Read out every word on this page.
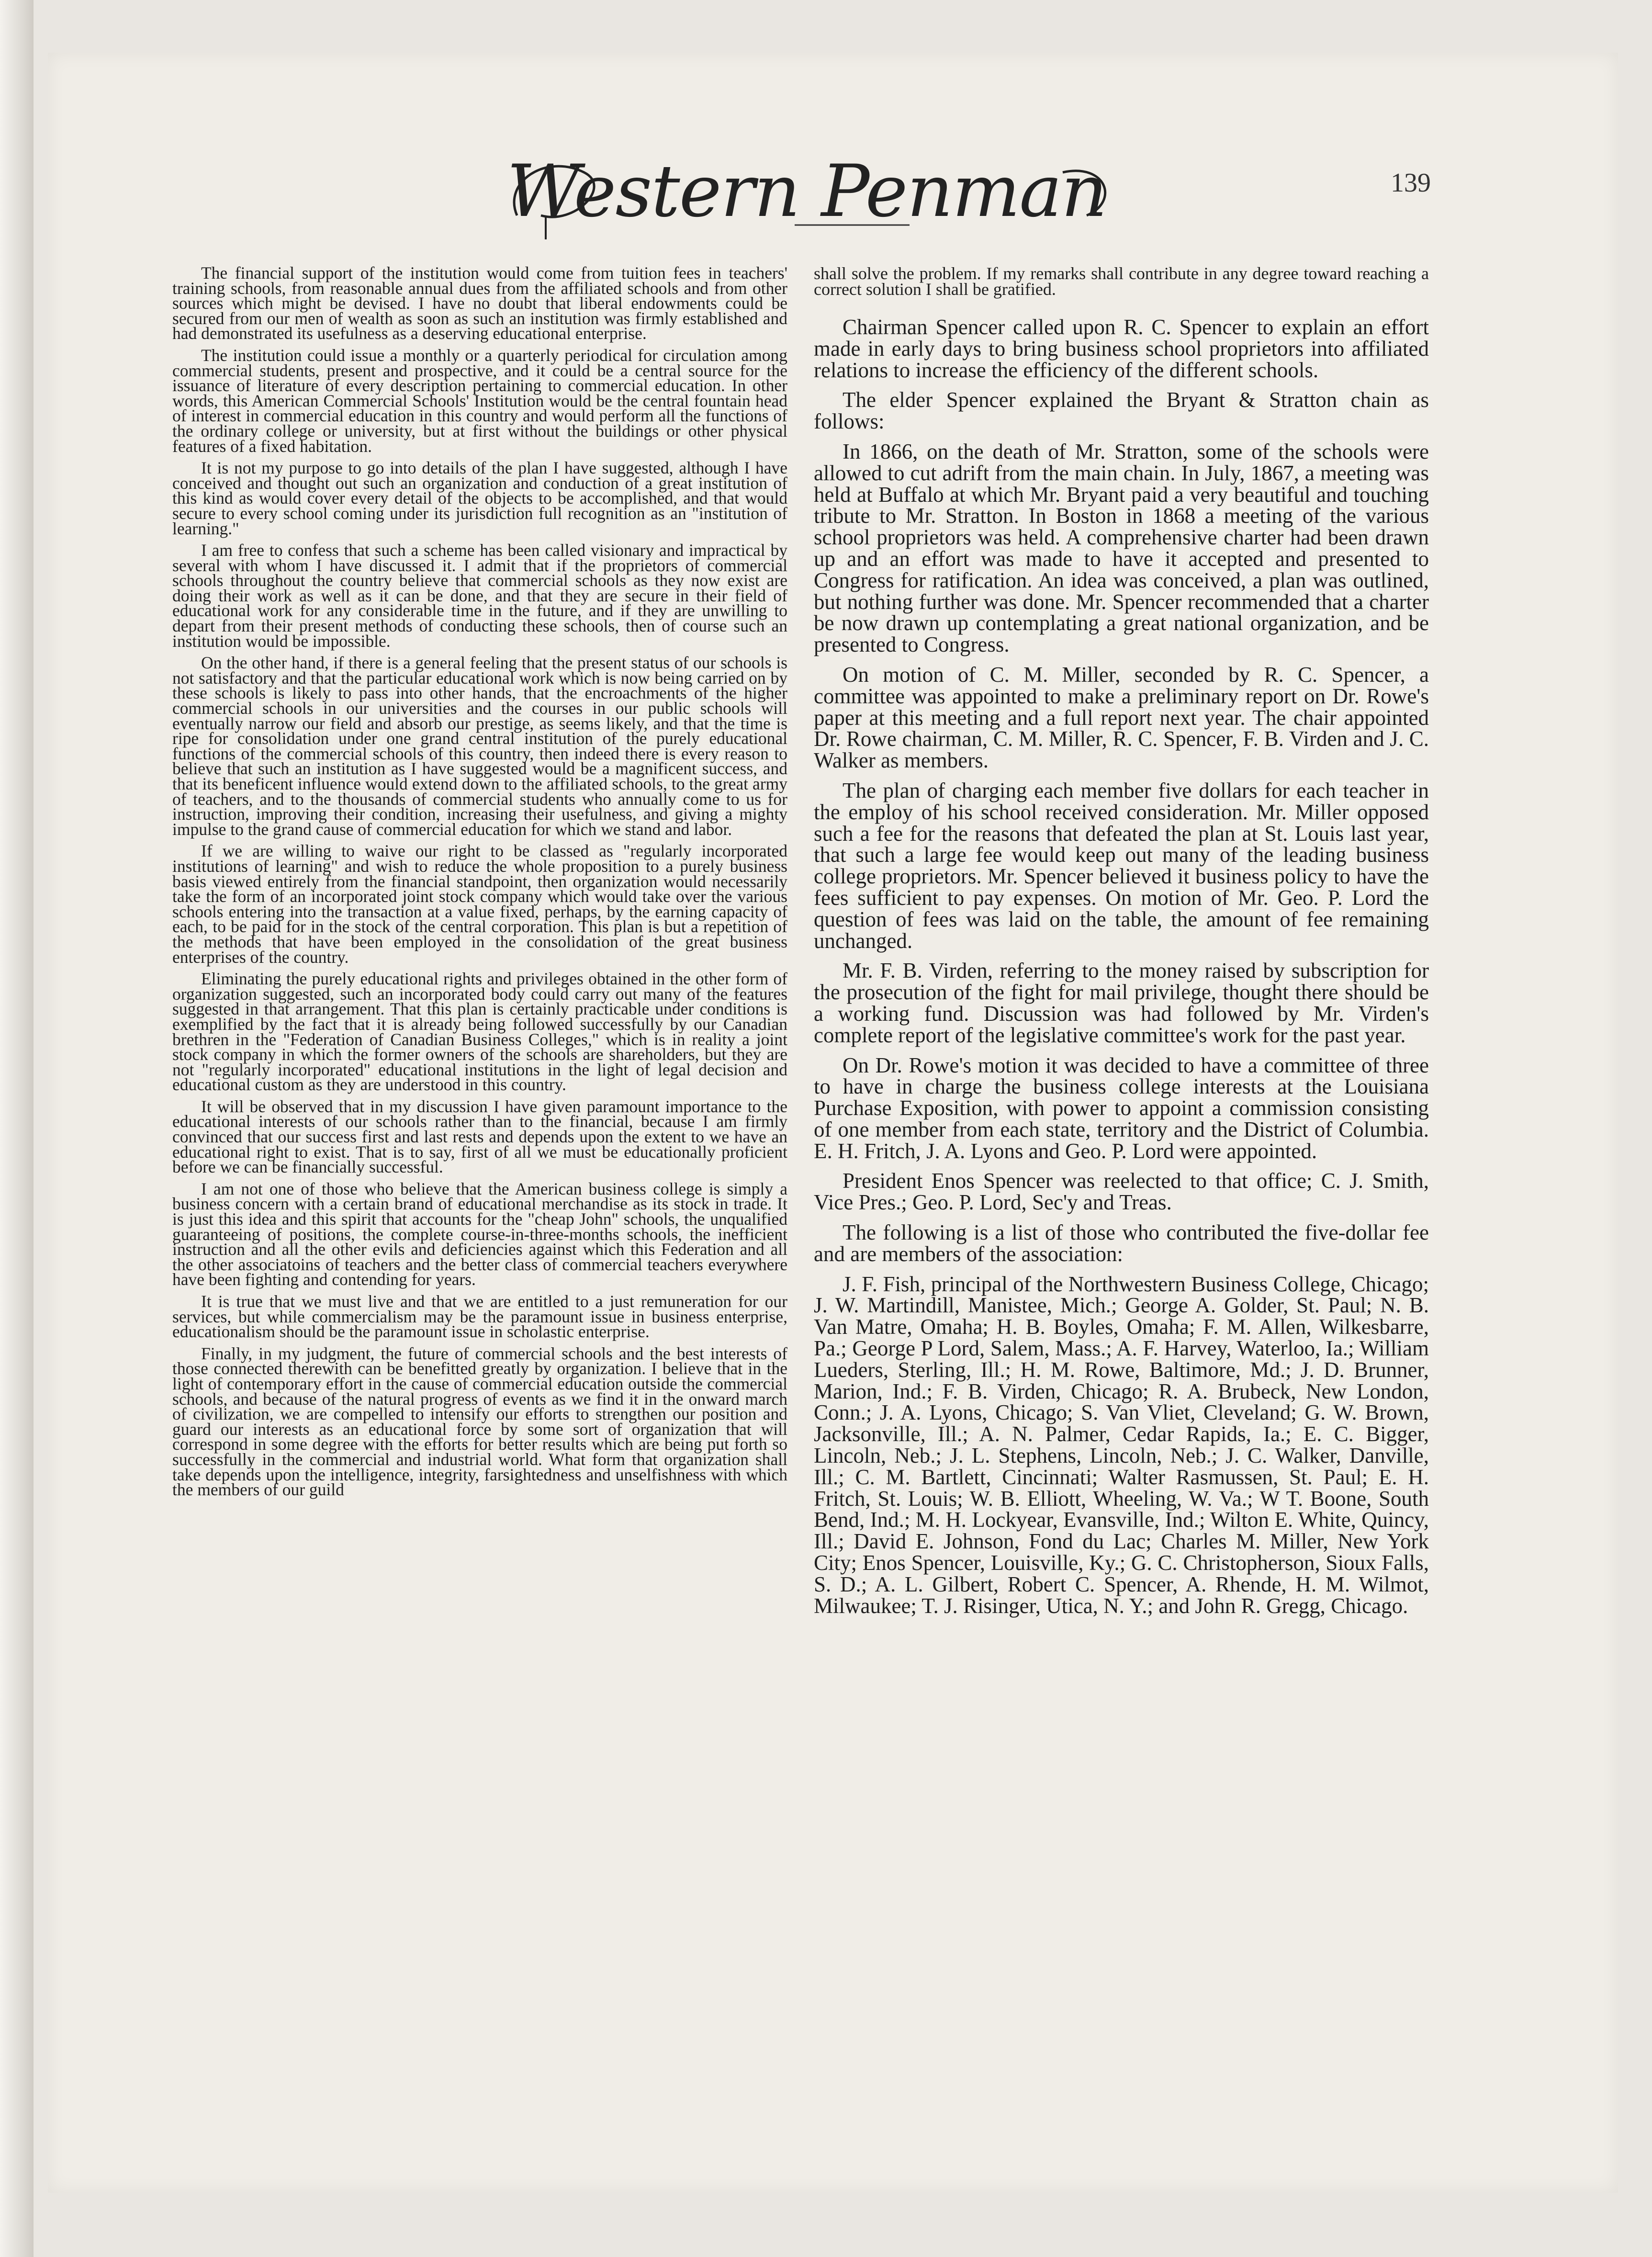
Western Penman	139

The financial support of the institution would come from tuition fees in teachers' training schools, from reasonable annual dues from the affiliated schools and from other sources which might be devised. I have no doubt that liberal endowments could be secured from our men of wealth as soon as such an institution was firmly established and had demonstrated its usefulness as a deserving educational enterprise.

The institution could issue a monthly or a quarterly periodical for circulation among commercial students, present and prospective, and it could be a central source for the issuance of literature of every description pertaining to commercial education. In other words, this American Commercial Schools' Institution would be the central fountain head of interest in commercial education in this country and would perform all the functions of the ordinary college or university, but at first without the buildings or other physical features of a fixed habitation.

It is not my purpose to go into details of the plan I have suggested, although I have conceived and thought out such an organization and conduction of a great institution of this kind as would cover every detail of the objects to be accomplished, and that would secure to every school coming under its jurisdiction full recognition as an "institution of learning."

I am free to confess that such a scheme has been called visionary and impractical by several with whom I have discussed it. I admit that if the proprietors of commercial schools throughout the country believe that commercial schools as they now exist are doing their work as well as it can be done, and that they are secure in their field of educational work for any considerable time in the future, and if they are unwilling to depart from their present methods of conducting these schools, then of course such an institution would be impossible.

On the other hand, if there is a general feeling that the present status of our schools is not satisfactory and that the particular educational work which is now being carried on by these schools is likely to pass into other hands, that the encroachments of the higher commercial schools in our universities and the courses in our public schools will eventually narrow our field and absorb our prestige, as seems likely, and that the time is ripe for consolidation under one grand central institution of the purely educational functions of the commercial schools of this country, then indeed there is every reason to believe that such an institution as I have suggested would be a magnificent success, and that its beneficent influence would extend down to the affiliated schools, to the great army of teachers, and to the thousands of commercial students who annually come to us for instruction, improving their condition, increasing their usefulness, and giving a mighty impulse to the grand cause of commercial education for which we stand and labor.

If we are willing to waive our right to be classed as "regularly incorporated institutions of learning" and wish to reduce the whole proposition to a purely business basis viewed entirely from the financial standpoint, then organization would necessarily take the form of an incorporated joint stock company which would take over the various schools entering into the transaction at a value fixed, perhaps, by the earning capacity of each, to be paid for in the stock of the central corporation. This plan is but a repetition of the methods that have been employed in the consolidation of the great business enterprises of the country.

Eliminating the purely educational rights and privileges obtained in the other form of organization suggested, such an incorporated body could carry out many of the features suggested in that arrangement. That this plan is certainly practicable under conditions is exemplified by the fact that it is already being followed successfully by our Canadian brethren in the "Federation of Canadian Business Colleges," which is in reality a joint stock company in which the former owners of the schools are shareholders, but they are not "regularly incorporated" educational institutions in the light of legal decision and educational custom as they are understood in this country.

It will be observed that in my discussion I have given paramount importance to the educational interests of our schools rather than to the financial, because I am firmly convinced that our success first and last rests and depends upon the extent to we have an educational right to exist. That is to say, first of all we must be educationally proficient before we can be financially successful.

I am not one of those who believe that the American business college is simply a business concern with a certain brand of educational merchandise as its stock in trade. It is just this idea and this spirit that accounts for the "cheap John" schools, the unqualified guaranteeing of positions, the complete course-in-three-months schools, the inefficient instruction and all the other evils and deficiencies against which this Federation and all the other associatoins of teachers and the better class of commercial teachers everywhere have been fighting and contending for years.

It is true that we must live and that we are entitled to a just remuneration for our services, but while commercialism may be the paramount issue in business enterprise, educationalism should be the paramount issue in scholastic enterprise.

Finally, in my judgment, the future of commercial schools and the best interests of those connected therewith can be benefitted greatly by organization. I believe that in the light of contemporary effort in the cause of commercial education outside the commercial schools, and because of the natural progress of events as we find it in the onward march of civilization, we are compelled to intensify our efforts to strengthen our position and guard our interests as an educational force by some sort of organization that will correspond in some degree with the efforts for better results which are being put forth so successfully in the commercial and industrial world. What form that organization shall take depends upon the intelligence, integrity, farsightedness and unselfishness with which the members of our guild

shall solve the problem. If my remarks shall contribute in any degree toward reaching a correct solution I shall be gratified.

Chairman Spencer called upon R. C. Spencer to explain an effort made in early days to bring business school proprietors into affiliated relations to increase the efficiency of the different schools.

The elder Spencer explained the Bryant & Stratton chain as follows:

In 1866, on the death of Mr. Stratton, some of the schools were allowed to cut adrift from the main chain. In July, 1867, a meeting was held at Buffalo at which Mr. Bryant paid a very beautiful and touching tribute to Mr. Stratton. In Boston in 1868 a meeting of the various school proprietors was held. A comprehensive charter had been drawn up and an effort was made to have it accepted and presented to Congress for ratification. An idea was conceived, a plan was outlined, but nothing further was done. Mr. Spencer recommended that a charter be now drawn up contemplating a great national organization, and be presented to Congress.

On motion of C. M. Miller, seconded by R. C. Spencer, a committee was appointed to make a preliminary report on Dr. Rowe's paper at this meeting and a full report next year. The chair appointed Dr. Rowe chairman, C. M. Miller, R. C. Spencer, F. B. Virden and J. C. Walker as members.

The plan of charging each member five dollars for each teacher in the employ of his school received consideration. Mr. Miller opposed such a fee for the reasons that defeated the plan at St. Louis last year, that such a large fee would keep out many of the leading business college proprietors. Mr. Spencer believed it business policy to have the fees sufficient to pay expenses. On motion of Mr. Geo. P. Lord the question of fees was laid on the table, the amount of fee remaining unchanged.

Mr. F. B. Virden, referring to the money raised by subscription for the prosecution of the fight for mail privilege, thought there should be a working fund. Discussion was had followed by Mr. Virden's complete report of the legislative committee's work for the past year.

On Dr. Rowe's motion it was decided to have a committee of three to have in charge the business college interests at the Louisiana Purchase Exposition, with power to appoint a commission consisting of one member from each state, territory and the District of Columbia. E. H. Fritch, J. A. Lyons and Geo. P. Lord were appointed.

President Enos Spencer was reelected to that office; C. J. Smith, Vice Pres.; Geo. P. Lord, Sec'y and Treas.

The following is a list of those who contributed the five-dollar fee and are members of the association:

J. F. Fish, principal of the Northwestern Business College, Chicago; J. W. Martindill, Manistee, Mich.; George A. Golder, St. Paul; N. B. Van Matre, Omaha; H. B. Boyles, Omaha; F. M. Allen, Wilkesbarre, Pa.; George P Lord, Salem, Mass.; A. F. Harvey, Waterloo, Ia.; William Lueders, Sterling, Ill.; H. M. Rowe, Baltimore, Md.; J. D. Brunner, Marion, Ind.; F. B. Virden, Chicago; R. A. Brubeck, New London, Conn.; J. A. Lyons, Chicago; S. Van Vliet, Cleveland; G. W. Brown, Jacksonville, Ill.; A. N. Palmer, Cedar Rapids, Ia.; E. C. Bigger, Lincoln, Neb.; J. L. Stephens, Lincoln, Neb.; J. C. Walker, Danville, Ill.; C. M. Bartlett, Cincinnati; Walter Rasmussen, St. Paul; E. H. Fritch, St. Louis; W. B. Elliott, Wheeling, W. Va.; W T. Boone, South Bend, Ind.; M. H. Lockyear, Evansville, Ind.; Wilton E. White, Quincy, Ill.; David E. Johnson, Fond du Lac; Charles M. Miller, New York City; Enos Spencer, Louisville, Ky.; G. C. Christopherson, Sioux Falls, S. D.; A. L. Gilbert, Robert C. Spencer, A. Rhende, H. M. Wilmot, Milwaukee; T. J. Risinger, Utica, N. Y.; and John R. Gregg, Chicago.
